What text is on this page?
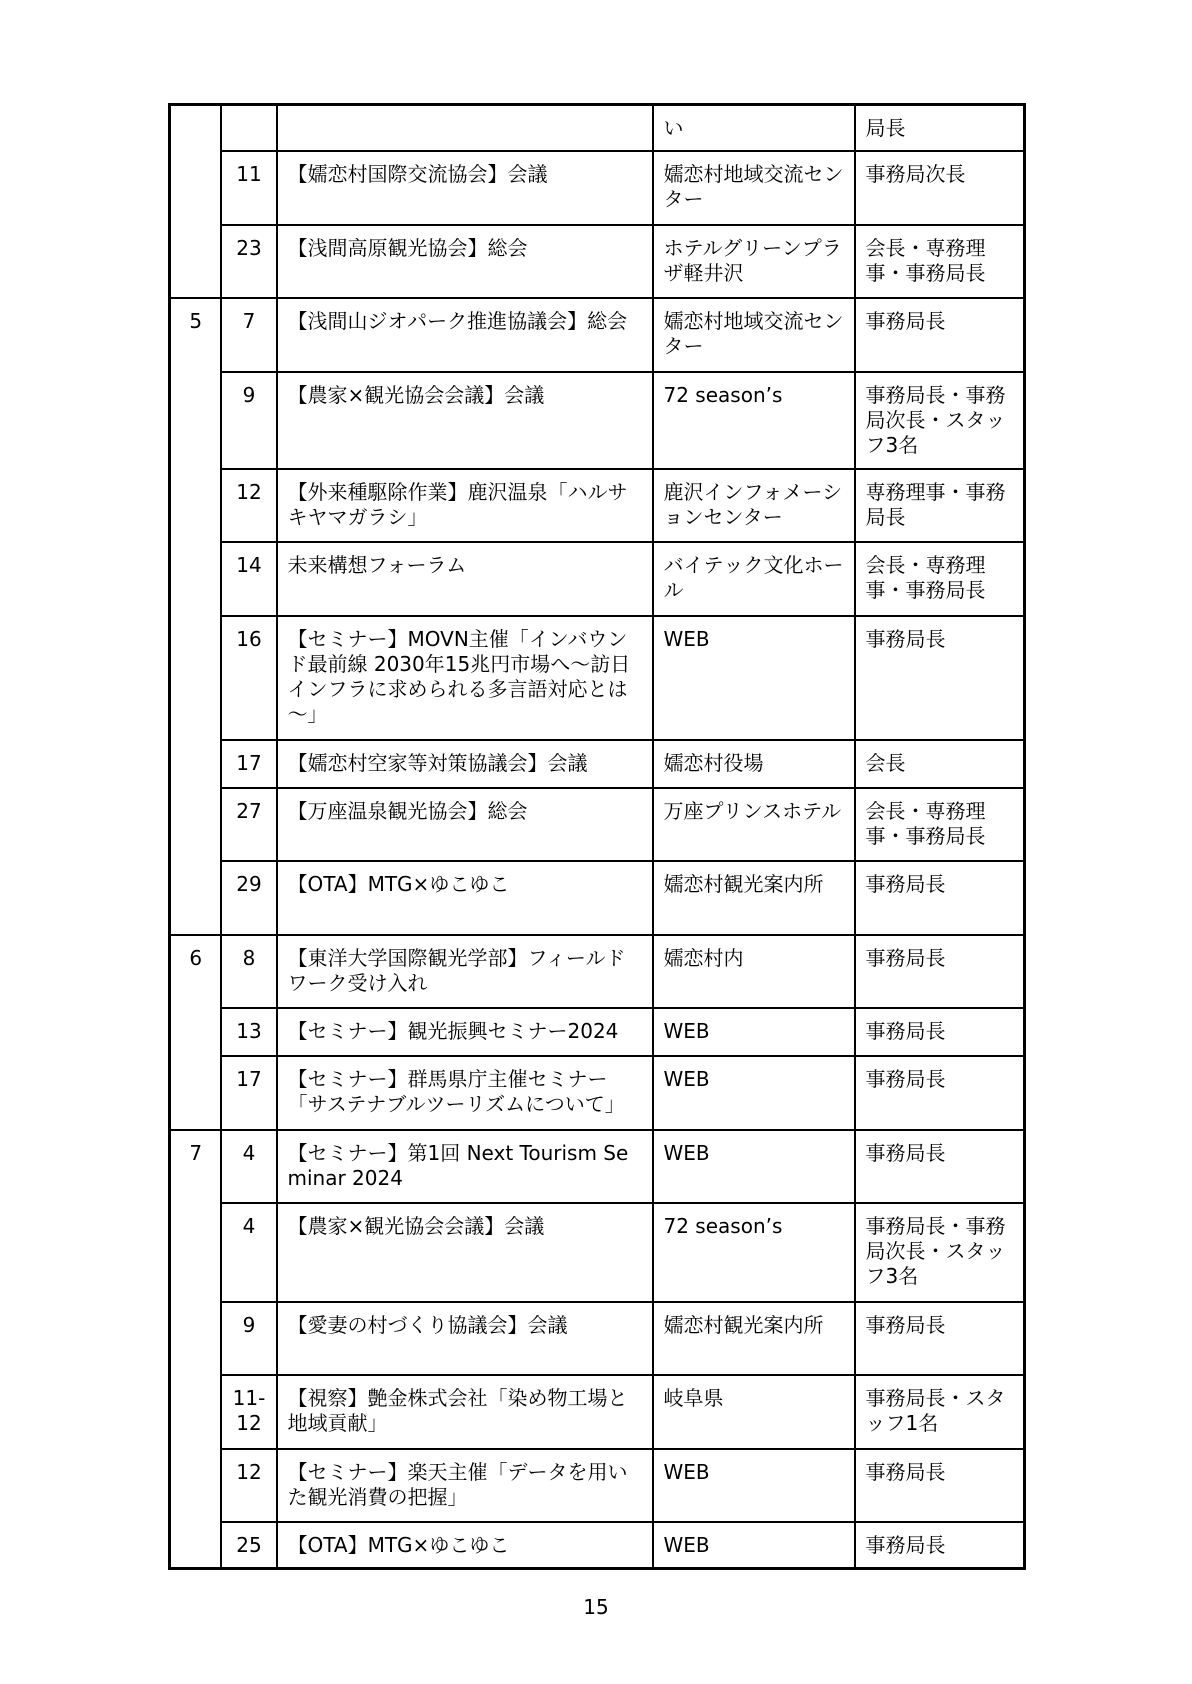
			い	局長
	11	【嬬恋村国際交流協会】会議	嬬恋村地域交流センター	事務局次長
	23	【浅間高原観光協会】総会	ホテルグリーンプラザ軽井沢	会長・専務理事・事務局長
5	7	【浅間山ジオパーク推進協議会】総会	嬬恋村地域交流センター	事務局長
	9	【農家×観光協会会議】会議	72 season’s	事務局長・事務局次長・スタッフ3名
	12	【外来種駆除作業】鹿沢温泉「ハルサキヤマガラシ」	鹿沢インフォメーションセンター	専務理事・事務局長
	14	未来構想フォーラム	バイテック文化ホール	会長・専務理事・事務局長
	16	【セミナー】MOVN主催「インバウンド最前線 2030年15兆円市場へ～訪日インフラに求められる多言語対応とは～」	WEB	事務局長
	17	【嬬恋村空家等対策協議会】会議	嬬恋村役場	会長
	27	【万座温泉観光協会】総会	万座プリンスホテル	会長・専務理事・事務局長
	29	【OTA】MTG×ゆこゆこ	嬬恋村観光案内所	事務局長
6	8	【東洋大学国際観光学部】フィールドワーク受け入れ	嬬恋村内	事務局長
	13	【セミナー】観光振興セミナー2024	WEB	事務局長
	17	【セミナー】群馬県庁主催セミナー「サステナブルツーリズムについて」	WEB	事務局長
7	4	【セミナー】第1回 Next Tourism Seminar 2024	WEB	事務局長
	4	【農家×観光協会会議】会議	72 season’s	事務局長・事務局次長・スタッフ3名
	9	【愛妻の村づくり協議会】会議	嬬恋村観光案内所	事務局長
	11-12	【視察】艶金株式会社「染め物工場と地域貢献」	岐阜県	事務局長・スタッフ1名
	12	【セミナー】楽天主催「データを用いた観光消費の把握」	WEB	事務局長
	25	【OTA】MTG×ゆこゆこ	WEB	事務局長
15
